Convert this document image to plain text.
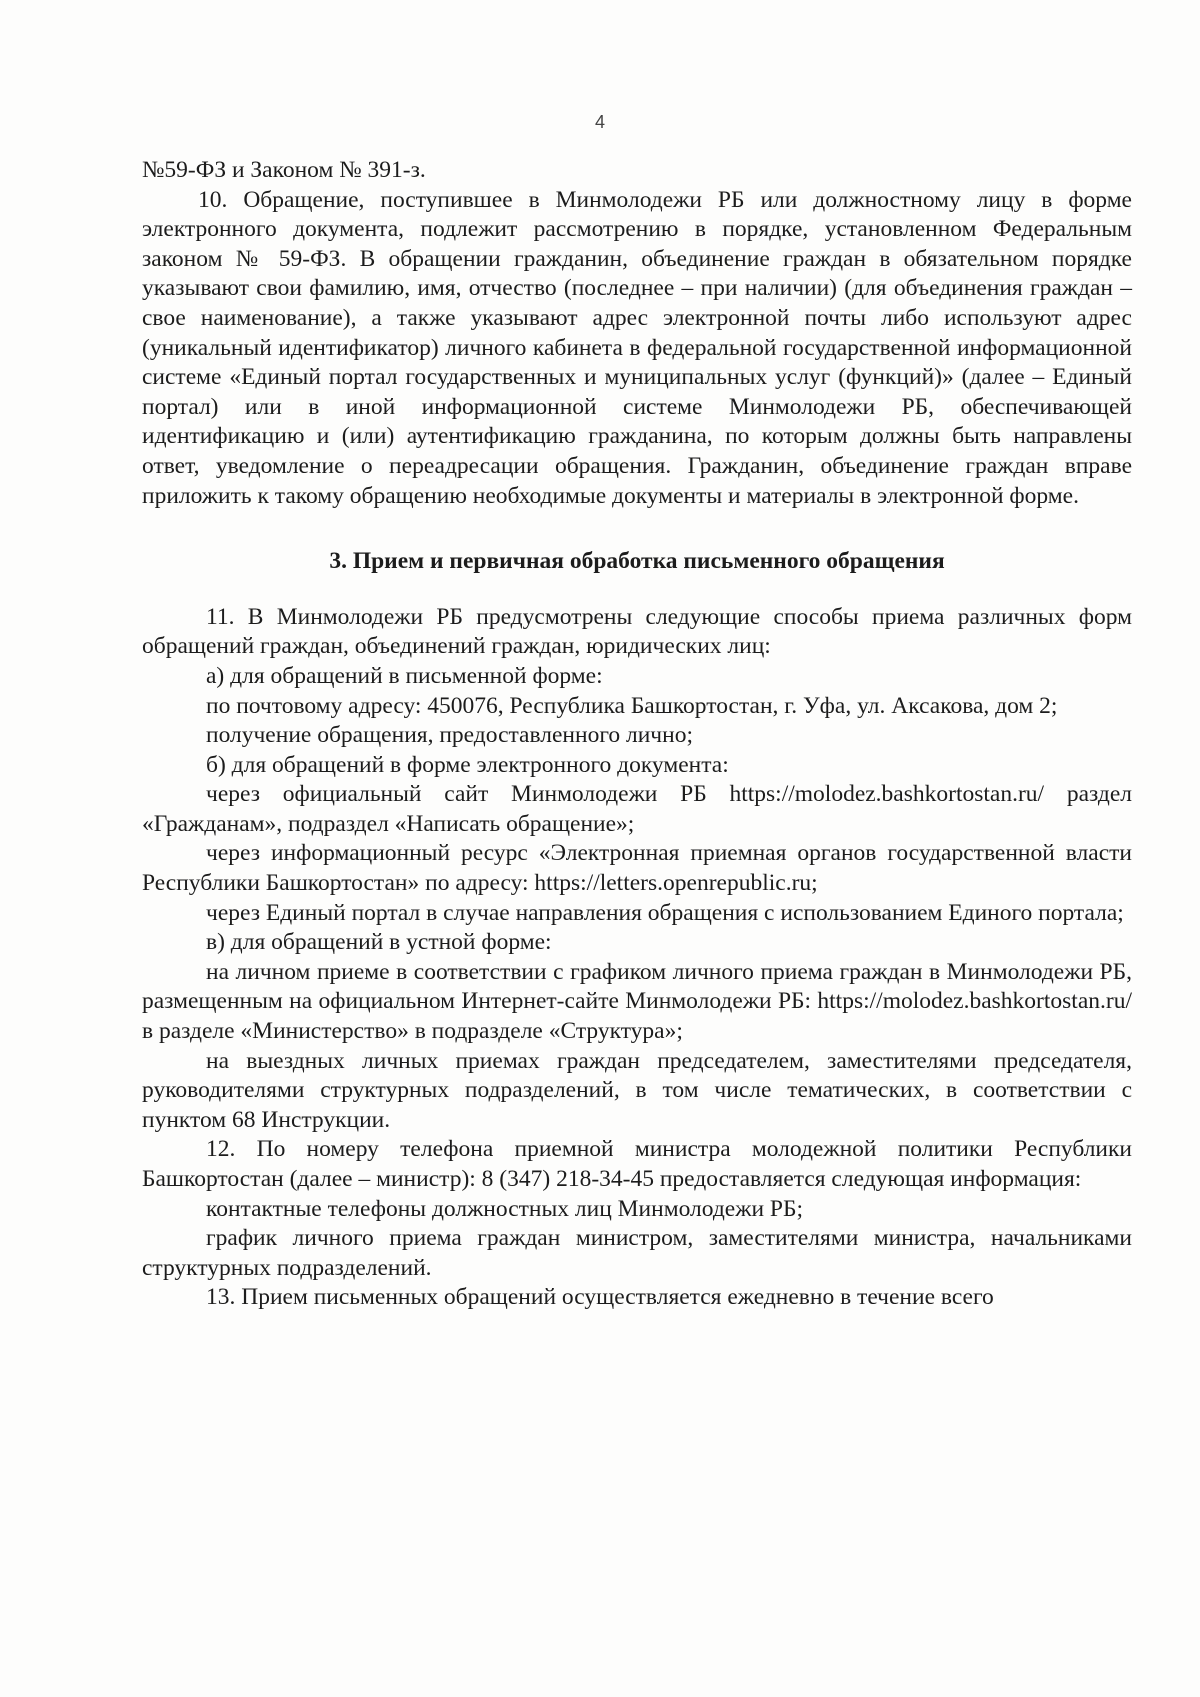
4

№59-ФЗ и Законом № 391-з.

10. Обращение, поступившее в Минмолодежи РБ или должностному лицу в форме электронного документа, подлежит рассмотрению в порядке, установленном Федеральным законом № 59-ФЗ. В обращении гражданин, объединение граждан в обязательном порядке указывают свои фамилию, имя, отчество (последнее – при наличии) (для объединения граждан – свое наименование), а также указывают адрес электронной почты либо используют адрес (уникальный идентификатор) личного кабинета в федеральной государственной информационной системе «Единый портал государственных и муниципальных услуг (функций)» (далее – Единый портал) или в иной информационной системе Минмолодежи РБ, обеспечивающей идентификацию и (или) аутентификацию гражданина, по которым должны быть направлены ответ, уведомление о переадресации обращения. Гражданин, объединение граждан вправе приложить к такому обращению необходимые документы и материалы в электронной форме.

3. Прием и первичная обработка письменного обращения

11. В Минмолодежи РБ предусмотрены следующие способы приема различных форм обращений граждан, объединений граждан, юридических лиц:

а) для обращений в письменной форме:

по почтовому адресу: 450076, Республика Башкортостан, г. Уфа, ул. Аксакова, дом 2;

получение обращения, предоставленного лично;

б) для обращений в форме электронного документа:

через официальный сайт Минмолодежи РБ https://molodez.bashkortostan.ru/ раздел «Гражданам», подраздел «Написать обращение»;

через информационный ресурс «Электронная приемная органов государственной власти Республики Башкортостан» по адресу: https://letters.openrepublic.ru;

через Единый портал в случае направления обращения с использованием Единого портала;

в) для обращений в устной форме:

на личном приеме в соответствии с графиком личного приема граждан в Минмолодежи РБ, размещенным на официальном Интернет-сайте Минмолодежи РБ: https://molodez.bashkortostan.ru/ в разделе «Министерство» в подразделе «Структура»;

на выездных личных приемах граждан председателем, заместителями председателя, руководителями структурных подразделений, в том числе тематических, в соответствии с пунктом 68 Инструкции.

12. По номеру телефона приемной министра молодежной политики Республики Башкортостан (далее – министр): 8 (347) 218-34-45 предоставляется следующая информация:

контактные телефоны должностных лиц Минмолодежи РБ;

график личного приема граждан министром, заместителями министра, начальниками структурных подразделений.

13. Прием письменных обращений осуществляется ежедневно в течение всего
